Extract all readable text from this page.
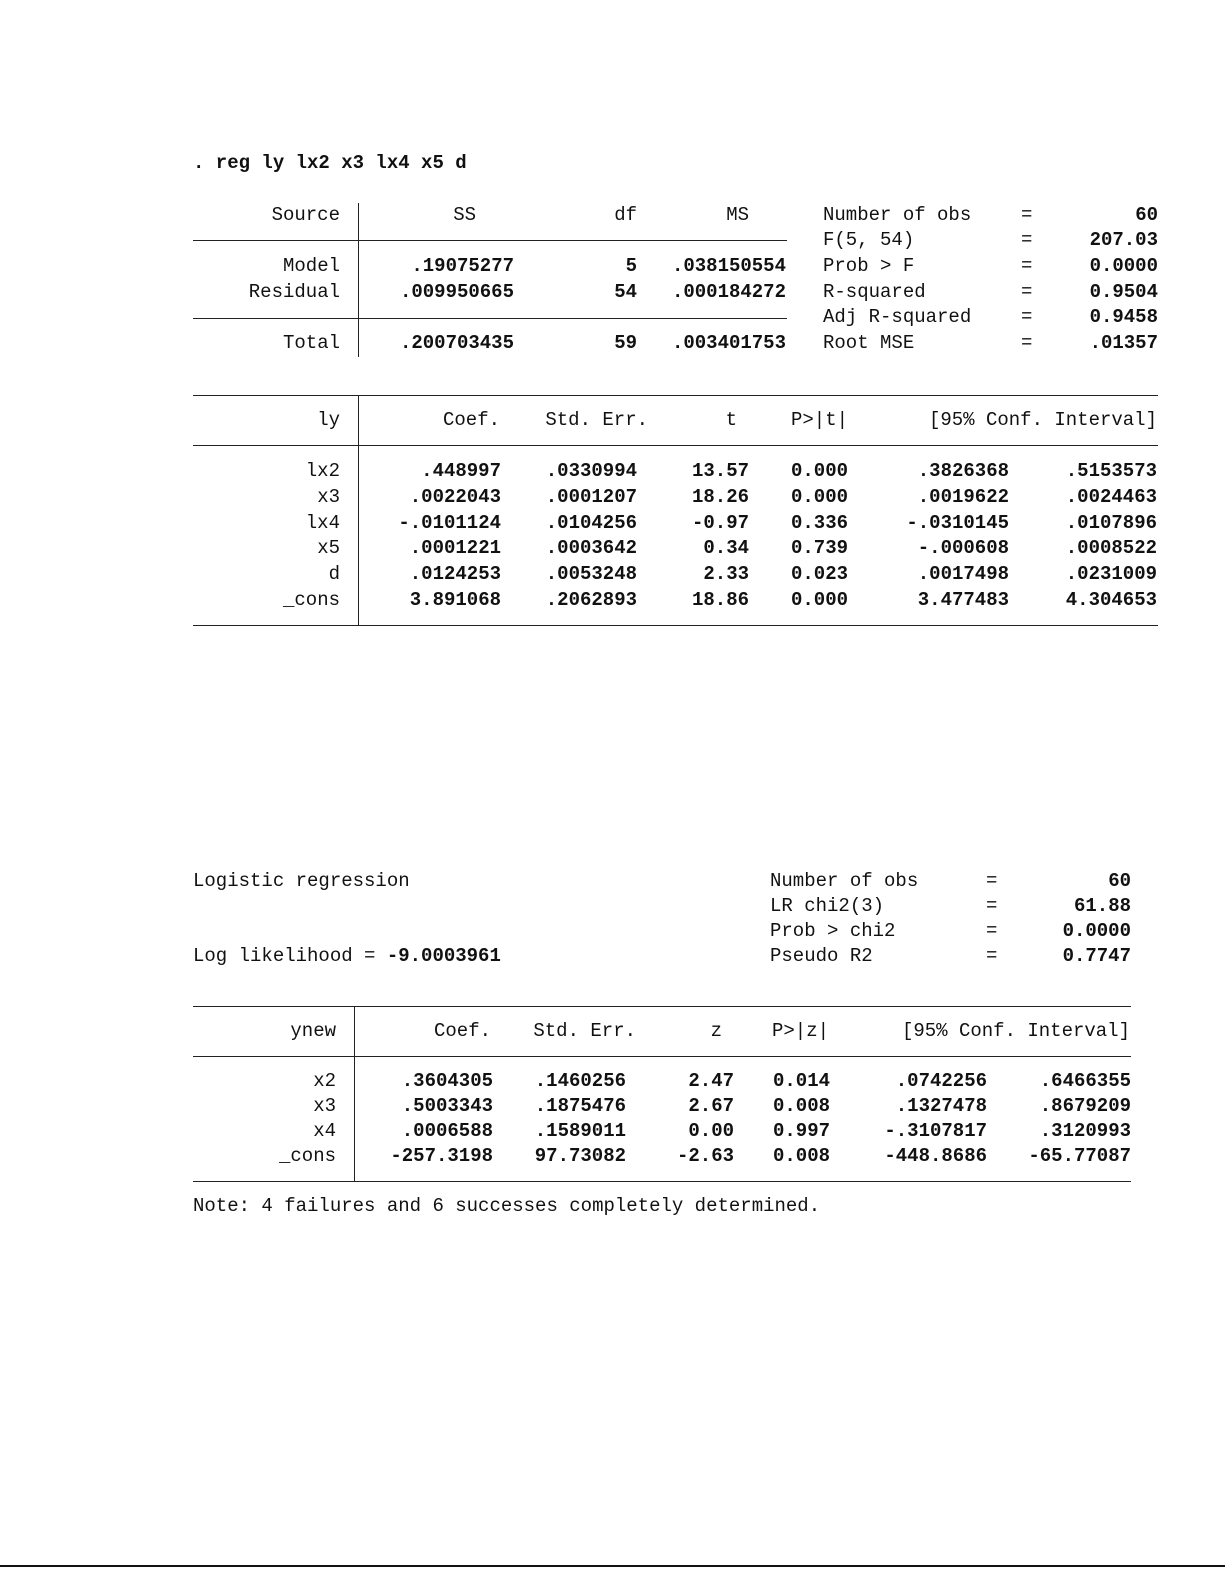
. reg ly lx2 x3 lx4 x5 d
Source	SS	df	MS
Model	.19075277	5	.038150554
Residual	.009950665	54	.000184272
Total	.200703435	59	.003401753
Number of obs	=	60
F(5, 54)	=	207.03
Prob > F	=	0.0000
R-squared	=	0.9504
Adj R-squared	=	0.9458
Root MSE	=	.01357
ly	Coef.	Std. Err.	t	P>|t|	[95% Conf. Interval]
lx2	.448997	.0330994	13.57	0.000	.3826368	.5153573
x3	.0022043	.0001207	18.26	0.000	.0019622	.0024463
lx4	-.0101124	.0104256	-0.97	0.336	-.0310145	.0107896
x5	.0001221	.0003642	0.34	0.739	-.000608	.0008522
d	.0124253	.0053248	2.33	0.023	.0017498	.0231009
_cons	3.891068	.2062893	18.86	0.000	3.477483	4.304653
Logistic regression
Log likelihood = -9.0003961
Number of obs	=	60
LR chi2(3)	=	61.88
Prob > chi2	=	0.0000
Pseudo R2	=	0.7747
ynew	Coef.	Std. Err.	z	P>|z|	[95% Conf. Interval]
x2	.3604305	.1460256	2.47	0.014	.0742256	.6466355
x3	.5003343	.1875476	2.67	0.008	.1327478	.8679209
x4	.0006588	.1589011	0.00	0.997	-.3107817	.3120993
_cons	-257.3198	97.73082	-2.63	0.008	-448.8686	-65.77087
Note: 4 failures and 6 successes completely determined.
